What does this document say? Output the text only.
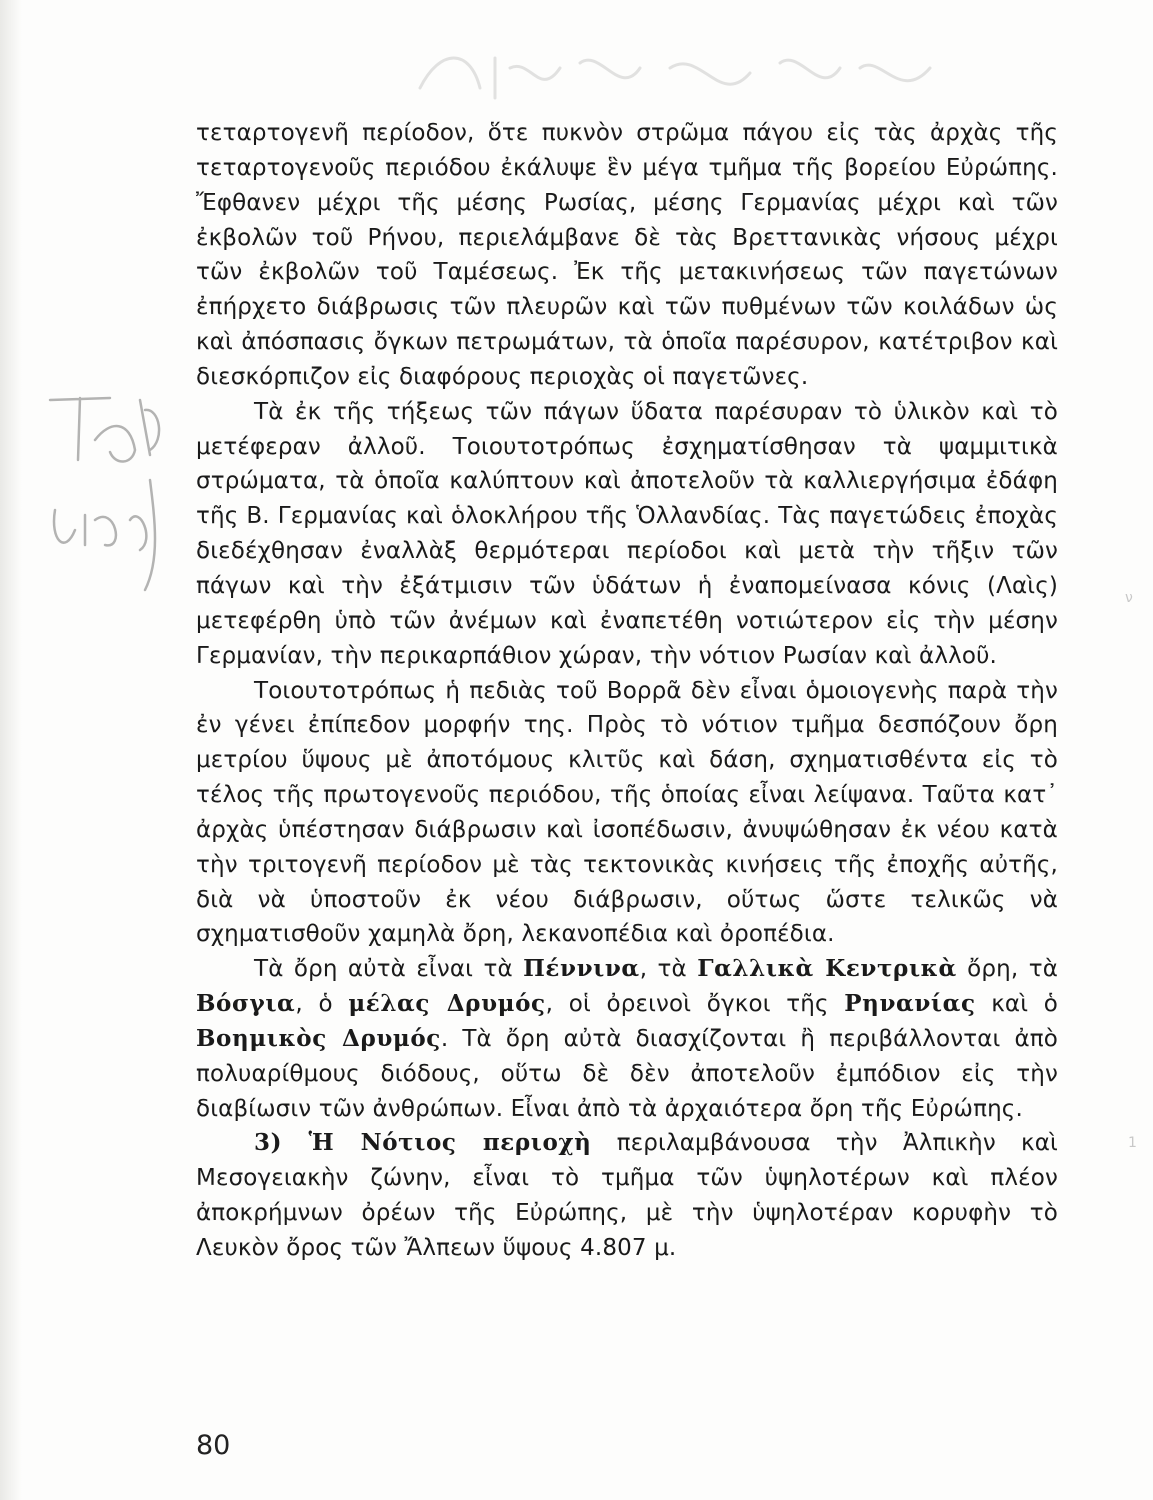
ν
1

τεταρτογενῆ περίοδον, ὅτε πυκνὸν στρῶμα πάγου εἰς τὰς ἀρχὰς τῆς τεταρτογενοῦς περιόδου ἐκάλυψε ἓν μέγα τμῆμα τῆς βορείου Εὐρώπης. Ἔφθανεν μέχρι τῆς μέσης Ρωσίας, μέσης Γερμανίας μέχρι καὶ τῶν ἐκβολῶν τοῦ Ρήνου, περιελάμβανε δὲ τὰς Βρεττανικὰς νήσους μέχρι τῶν ἐκβολῶν τοῦ Ταμέσεως. Ἐκ τῆς μετακινήσεως τῶν παγετώνων ἐπήρχετο διάβρωσις τῶν πλευρῶν καὶ τῶν πυθμένων τῶν κοιλάδων ὡς καὶ ἀπόσπασις ὄγκων πετρωμάτων, τὰ ὁποῖα παρέσυρον, κατέτριβον καὶ διεσκόρπιζον εἰς διαφόρους περιοχὰς οἱ παγετῶνες.

Τὰ ἐκ τῆς τήξεως τῶν πάγων ὕδατα παρέσυραν τὸ ὑλικὸν καὶ τὸ μετέφεραν ἀλλοῦ. Τοιουτοτρόπως ἐσχηματίσθησαν τὰ ψαμμιτικὰ στρώματα, τὰ ὁποῖα καλύπτουν καὶ ἀποτελοῦν τὰ καλλιεργήσιμα ἐδάφη τῆς Β. Γερμανίας καὶ ὁλοκλήρου τῆς Ὁλλανδίας. Τὰς παγετώδεις ἐποχὰς διεδέχθησαν ἐναλλὰξ θερμότεραι περίοδοι καὶ μετὰ τὴν τῆξιν τῶν πάγων καὶ τὴν ἐξάτμισιν τῶν ὑδάτων ἡ ἐναπομείνασα κόνις (Λαὶς) μετεφέρθη ὑπὸ τῶν ἀνέμων καὶ ἐναπετέθη νοτιώτερον εἰς τὴν μέσην Γερμανίαν, τὴν περικαρπάθιον χώραν, τὴν νότιον Ρωσίαν καὶ ἀλλοῦ.

Τοιουτοτρόπως ἡ πεδιὰς τοῦ Βορρᾶ δὲν εἶναι ὁμοιογενὴς παρὰ τὴν ἐν γένει ἐπίπεδον μορφήν της. Πρὸς τὸ νότιον τμῆμα δεσπόζουν ὄρη μετρίου ὕψους μὲ ἀποτόμους κλιτῦς καὶ δάση, σχηματισθέντα εἰς τὸ τέλος τῆς πρωτογενοῦς περιόδου, τῆς ὁποίας εἶναι λείψανα. Ταῦτα κατ᾿ ἀρχὰς ὑπέστησαν διάβρωσιν καὶ ἰσοπέδωσιν, ἀνυψώθησαν ἐκ νέου κατὰ τὴν τριτογενῆ περίοδον μὲ τὰς τεκτονικὰς κινήσεις τῆς ἐποχῆς αὐτῆς, διὰ νὰ ὑποστοῦν ἐκ νέου διάβρωσιν, οὕτως ὥστε τελικῶς νὰ σχηματισθοῦν χαμηλὰ ὄρη, λεκανοπέδια καὶ ὀροπέδια.

Τὰ ὄρη αὐτὰ εἶναι τὰ Πέννινα, τὰ Γαλλικὰ Κεντρικὰ ὄρη, τὰ Βόσγια, ὁ μέλας Δρυμός, οἱ ὀρεινοὶ ὄγκοι τῆς Ρηνανίας καὶ ὁ Βοημικὸς Δρυμός. Τὰ ὄρη αὐτὰ διασχίζονται ἢ περιβάλλονται ἀπὸ πολυαρίθμους διόδους, οὕτω δὲ δὲν ἀποτελοῦν ἐμπόδιον εἰς τὴν διαβίωσιν τῶν ἀνθρώπων. Εἶναι ἀπὸ τὰ ἀρχαιότερα ὄρη τῆς Εὐρώπης.

3) Ἡ Νότιος περιοχὴ περιλαμβάνουσα τὴν Ἀλπικὴν καὶ Μεσογειακὴν ζώνην, εἶναι τὸ τμῆμα τῶν ὑψηλοτέρων καὶ πλέον ἀποκρήμνων ὀρέων τῆς Εὐρώπης, μὲ τὴν ὑψηλοτέραν κορυφὴν τὸ Λευκὸν ὄρος τῶν Ἄλπεων ὕψους 4.807 μ.

80
